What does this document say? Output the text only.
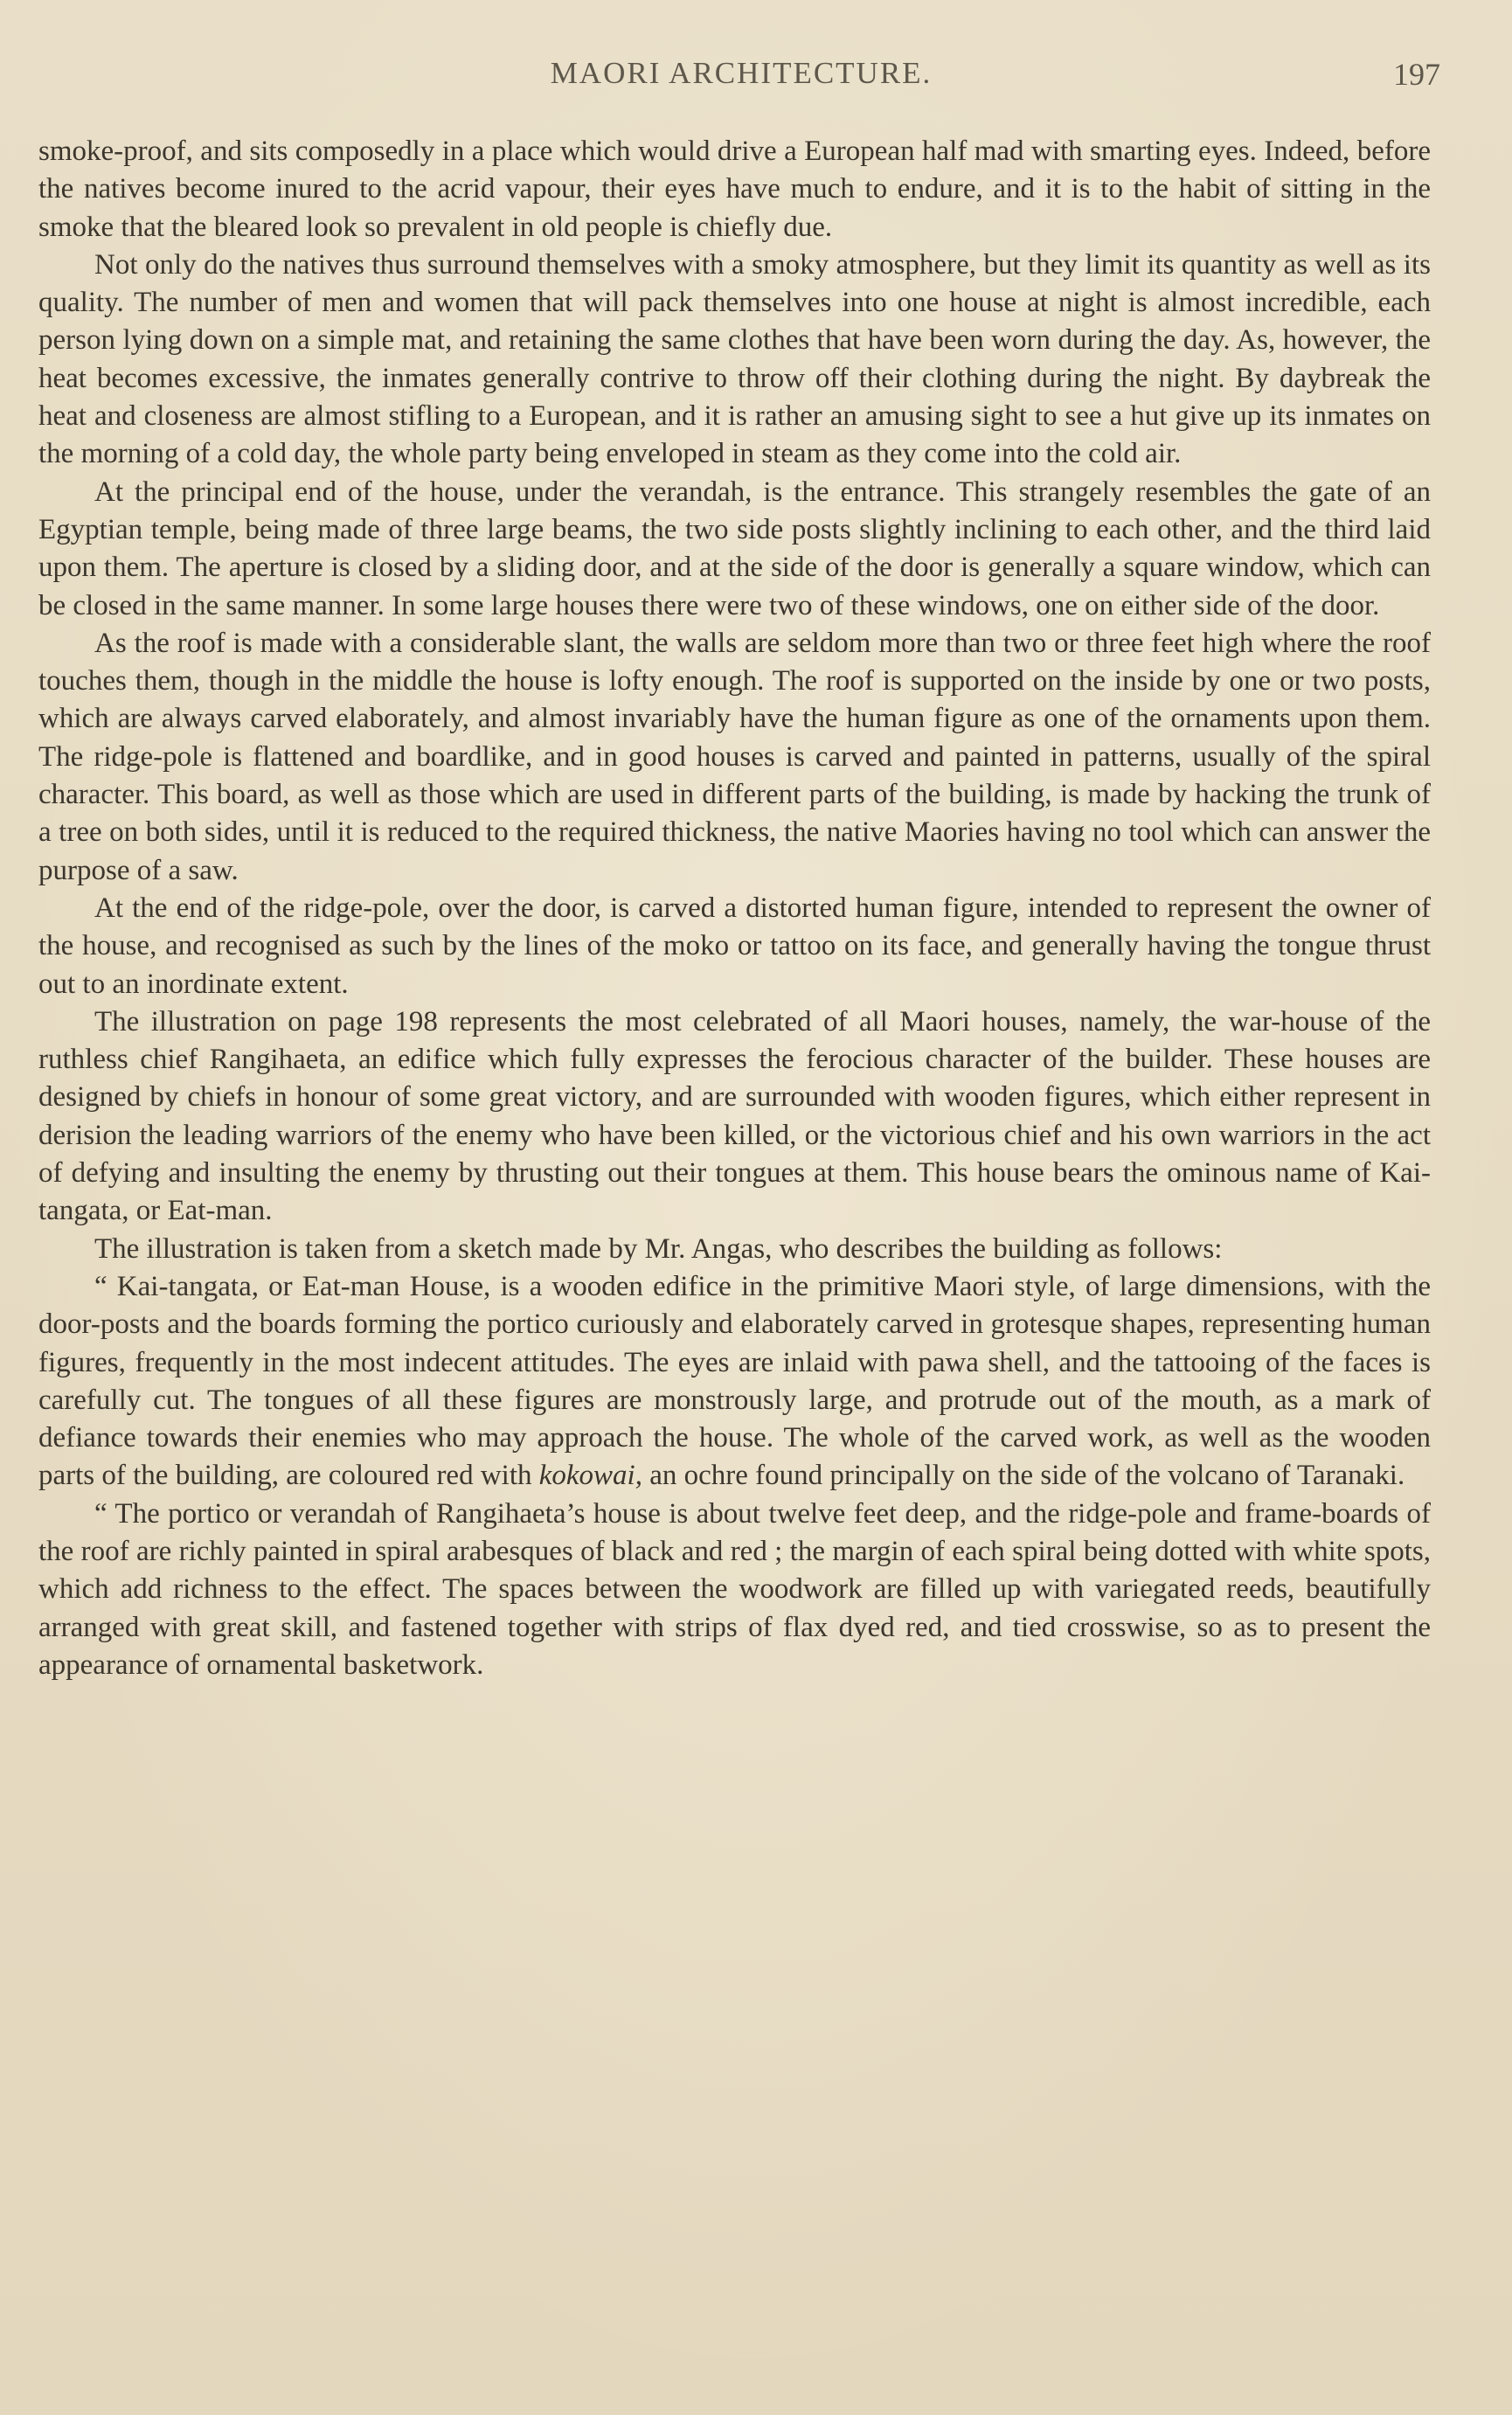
MAORI ARCHITECTURE.	197

smoke-proof, and sits composedly in a place which would drive a European half mad with smarting eyes. Indeed, before the natives become inured to the acrid vapour, their eyes have much to endure, and it is to the habit of sitting in the smoke that the bleared look so prevalent in old people is chiefly due.

Not only do the natives thus surround themselves with a smoky atmosphere, but they limit its quantity as well as its quality. The number of men and women that will pack themselves into one house at night is almost incredible, each person lying down on a simple mat, and retaining the same clothes that have been worn during the day. As, however, the heat becomes excessive, the inmates generally contrive to throw off their clothing during the night. By daybreak the heat and closeness are almost stifling to a European, and it is rather an amusing sight to see a hut give up its inmates on the morning of a cold day, the whole party being enveloped in steam as they come into the cold air.

At the principal end of the house, under the verandah, is the entrance. This strangely resembles the gate of an Egyptian temple, being made of three large beams, the two side posts slightly inclining to each other, and the third laid upon them. The aperture is closed by a sliding door, and at the side of the door is generally a square window, which can be closed in the same manner. In some large houses there were two of these windows, one on either side of the door.

As the roof is made with a considerable slant, the walls are seldom more than two or three feet high where the roof touches them, though in the middle the house is lofty enough. The roof is supported on the inside by one or two posts, which are always carved elaborately, and almost invariably have the human figure as one of the ornaments upon them. The ridge-pole is flattened and boardlike, and in good houses is carved and painted in patterns, usually of the spiral character. This board, as well as those which are used in different parts of the building, is made by hacking the trunk of a tree on both sides, until it is reduced to the required thickness, the native Maories having no tool which can answer the purpose of a saw.

At the end of the ridge-pole, over the door, is carved a distorted human figure, intended to represent the owner of the house, and recognised as such by the lines of the moko or tattoo on its face, and generally having the tongue thrust out to an inordinate extent.

The illustration on page 198 represents the most celebrated of all Maori houses, namely, the war-house of the ruthless chief Rangihaeta, an edifice which fully expresses the ferocious character of the builder. These houses are designed by chiefs in honour of some great victory, and are surrounded with wooden figures, which either represent in derision the leading warriors of the enemy who have been killed, or the victorious chief and his own warriors in the act of defying and insulting the enemy by thrusting out their tongues at them. This house bears the ominous name of Kai-tangata, or Eat-man.

The illustration is taken from a sketch made by Mr. Angas, who describes the building as follows:

“ Kai-tangata, or Eat-man House, is a wooden edifice in the primitive Maori style, of large dimensions, with the door-posts and the boards forming the portico curiously and elaborately carved in grotesque shapes, representing human figures, frequently in the most indecent attitudes. The eyes are inlaid with pawa shell, and the tattooing of the faces is carefully cut. The tongues of all these figures are monstrously large, and protrude out of the mouth, as a mark of defiance towards their enemies who may approach the house. The whole of the carved work, as well as the wooden parts of the building, are coloured red with kokowai, an ochre found principally on the side of the volcano of Taranaki.

“ The portico or verandah of Rangihaeta’s house is about twelve feet deep, and the ridge-pole and frame-boards of the roof are richly painted in spiral arabesques of black and red ; the margin of each spiral being dotted with white spots, which add richness to the effect. The spaces between the woodwork are filled up with variegated reeds, beautifully arranged with great skill, and fastened together with strips of flax dyed red, and tied crosswise, so as to present the appearance of ornamental basketwork.
